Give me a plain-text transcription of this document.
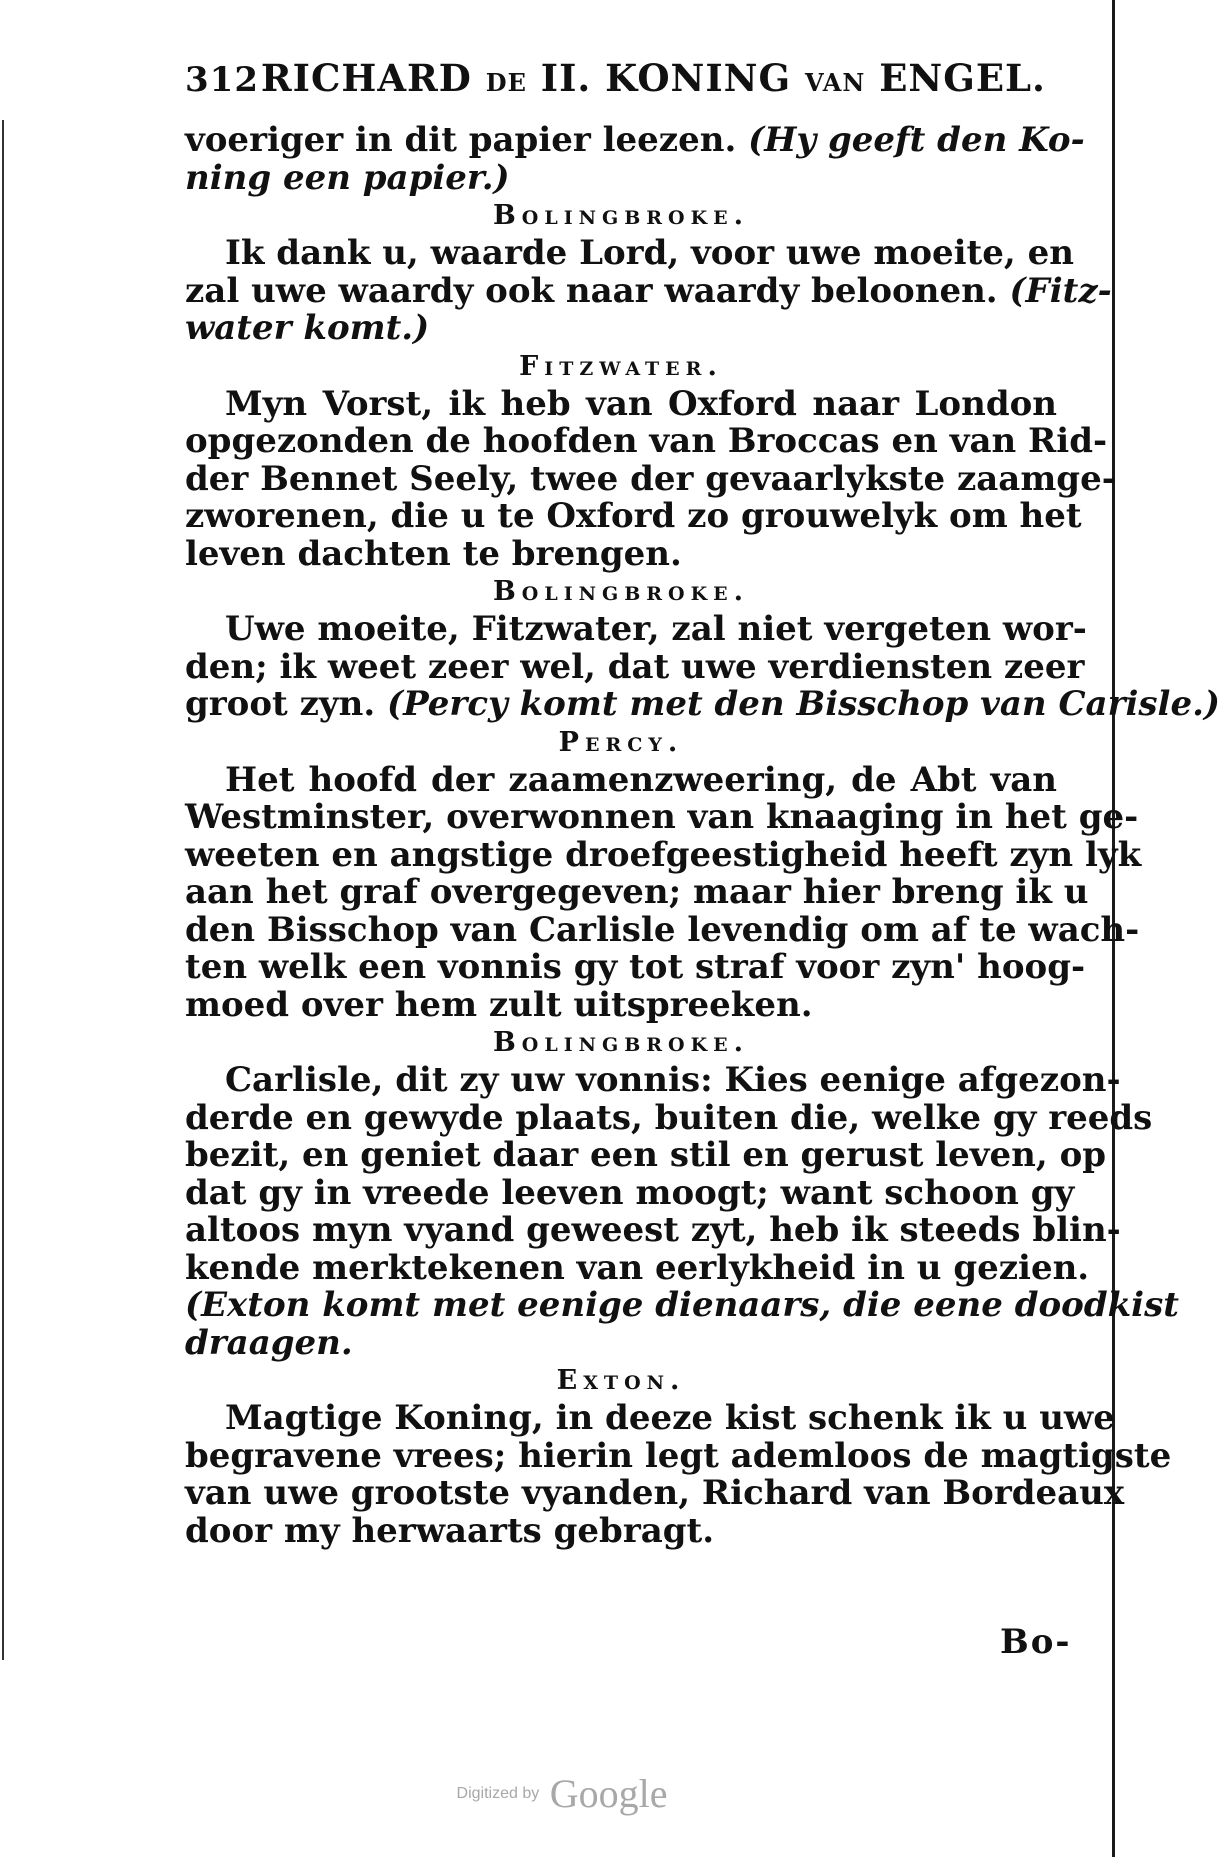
312 RICHARD DE II. KONING VAN ENGEL.
voeriger in dit papier leezen. (Hy geeft den Ko-
ning een papier.)
Bolingbroke.
Ik dank u, waarde Lord, voor uwe moeite, en
zal uwe waardy ook naar waardy beloonen. (Fitz-
water komt.)
Fitzwater.
Myn Vorst, ik heb van Oxford naar London
opgezonden de hoofden van Broccas en van Rid-
der Bennet Seely, twee der gevaarlykste zaamge-
zworenen, die u te Oxford zo grouwelyk om het
leven dachten te brengen.
Bolingbroke.
Uwe moeite, Fitzwater, zal niet vergeten wor-
den; ik weet zeer wel, dat uwe verdiensten zeer
groot zyn. (Percy komt met den Bisschop van Carisle.)
Percy.
Het hoofd der zaamenzweering, de Abt van
Westminster, overwonnen van knaaging in het ge-
weeten en angstige droefgeestigheid heeft zyn lyk
aan het graf overgegeven; maar hier breng ik u
den Bisschop van Carlisle levendig om af te wach-
ten welk een vonnis gy tot straf voor zyn' hoog-
moed over hem zult uitspreeken.
Bolingbroke.
Carlisle, dit zy uw vonnis: Kies eenige afgezon-
derde en gewyde plaats, buiten die, welke gy reeds
bezit, en geniet daar een stil en gerust leven, op
dat gy in vreede leeven moogt; want schoon gy
altoos myn vyand geweest zyt, heb ik steeds blin-
kende merktekenen van eerlykheid in u gezien.
(Exton komt met eenige dienaars, die eene doodkist
draagen.
Exton.
Magtige Koning, in deeze kist schenk ik u uwe
begravene vrees; hierin legt ademloos de magtigste
van uwe grootste vyanden, Richard van Bordeaux
door my herwaarts gebragt.
Bo-
Digitized by Google
